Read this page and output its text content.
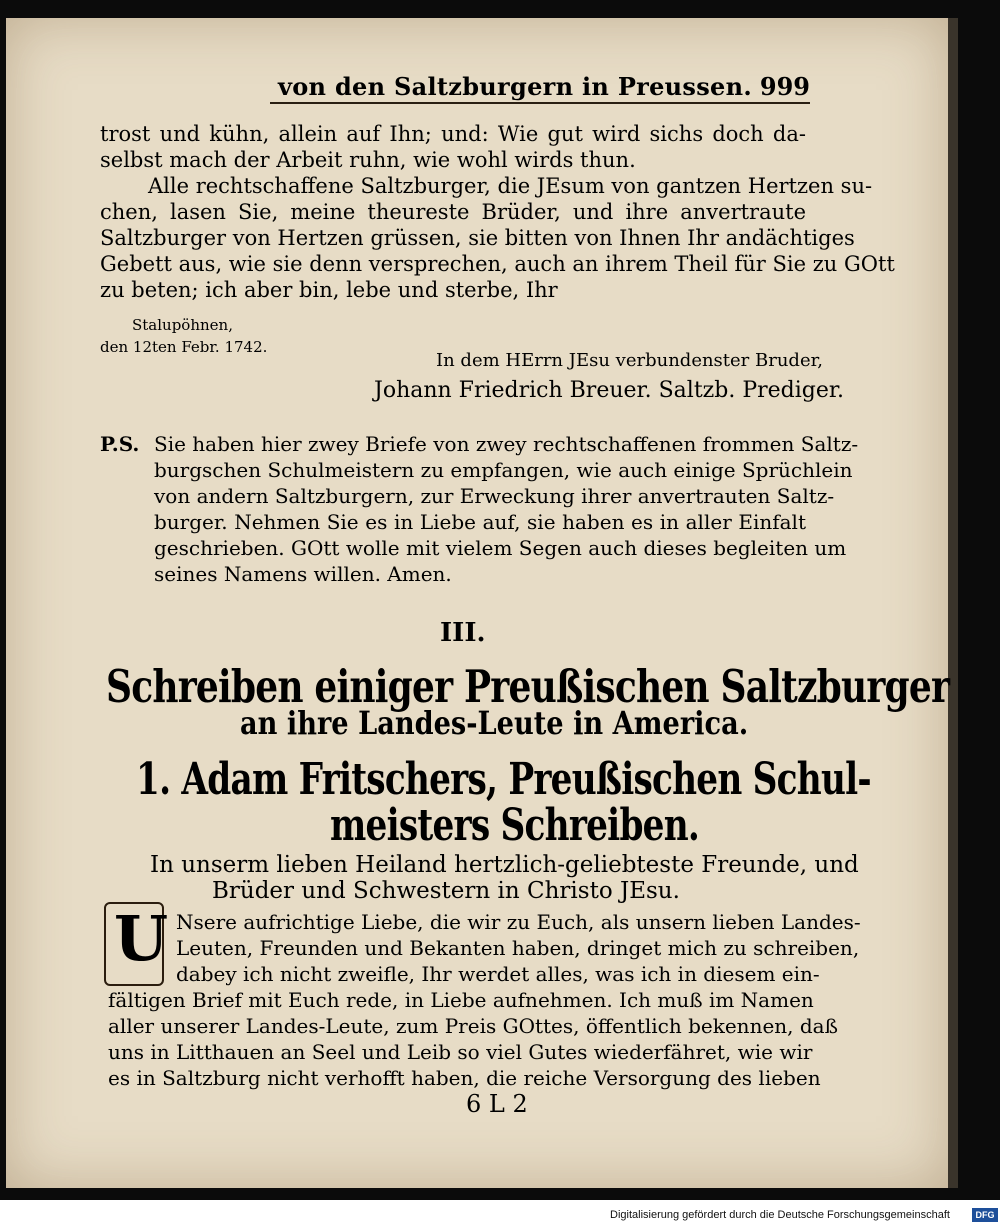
von den Saltzburgern in Preussen. 999
trost und kühn, allein auf Ihn; und: Wie gut wird sichs doch da-
selbst mach der Arbeit ruhn, wie wohl wirds thun.
Alle rechtschaffene Saltzburger, die JEsum von gantzen Hertzen su-
chen, lasen Sie, meine theureste Brüder, und ihre anvertraute
Saltzburger von Hertzen grüssen, sie bitten von Ihnen Ihr andächtiges
Gebett aus, wie sie denn versprechen, auch an ihrem Theil für Sie zu GOtt
zu beten; ich aber bin, lebe und sterbe, Ihr
Stalupöhnen,
den 12ten Febr. 1742.
In dem HErrn JEsu verbundenster Bruder,
Johann Friedrich Breuer. Saltzb. Prediger.
P.S. Sie haben hier zwey Briefe von zwey rechtschaffenen frommen Saltz-
burgschen Schulmeistern zu empfangen, wie auch einige Sprüchlein
von andern Saltzburgern, zur Erweckung ihrer anvertrauten Saltz-
burger. Nehmen Sie es in Liebe auf, sie haben es in aller Einfalt
geschrieben. GOtt wolle mit vielem Segen auch dieses begleiten um
seines Namens willen. Amen.
III.
Schreiben einiger Preußischen Saltzburger
an ihre Landes-Leute in America.
1. Adam Fritschers, Preußischen Schul-
meisters Schreiben.
In unserm lieben Heiland hertzlich-geliebteste Freunde, und
Brüder und Schwestern in Christo JEsu.
U Nsere aufrichtige Liebe, die wir zu Euch, als unsern lieben Landes-
Leuten, Freunden und Bekanten haben, dringet mich zu schreiben,
dabey ich nicht zweifle, Ihr werdet alles, was ich in diesem ein-
fältigen Brief mit Euch rede, in Liebe aufnehmen. Ich muß im Namen
aller unserer Landes-Leute, zum Preis GOttes, öffentlich bekennen, daß
uns in Litthauen an Seel und Leib so viel Gutes wiederfähret, wie wir
es in Saltzburg nicht verhofft haben, die reiche Versorgung des lieben
6 L 2
Digitalisierung gefördert durch die Deutsche Forschungsgemeinschaft	DFG
